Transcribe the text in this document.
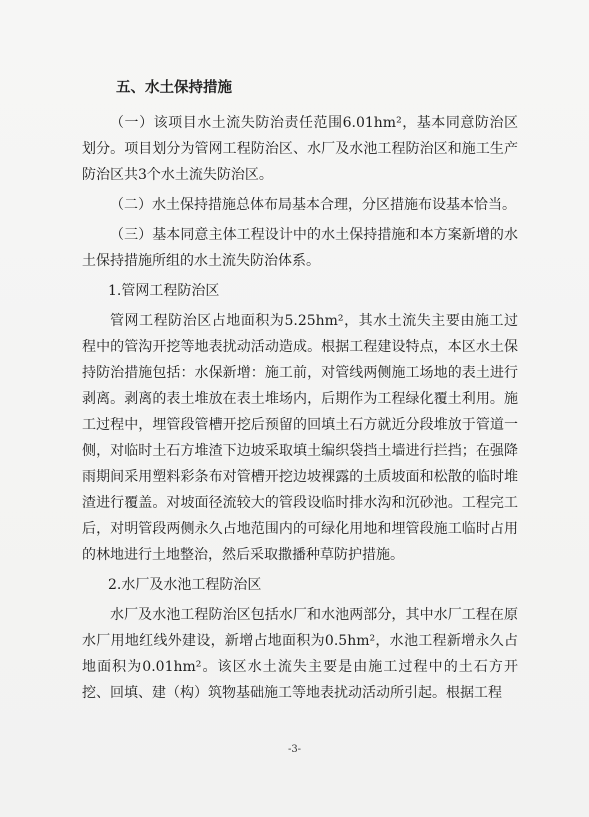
五、水土保持措施

（一）该项目水土流失防治责任范围6.01hm²，基本同意防治区划分。项目划分为管网工程防治区、水厂及水池工程防治区和施工生产防治区共3个水土流失防治区。

（二）水土保持措施总体布局基本合理，分区措施布设基本恰当。

（三）基本同意主体工程设计中的水土保持措施和本方案新增的水土保持措施所组的水土流失防治体系。

1.管网工程防治区

管网工程防治区占地面积为5.25hm²，其水土流失主要由施工过程中的管沟开挖等地表扰动活动造成。根据工程建设特点，本区水土保持防治措施包括：水保新增：施工前，对管线两侧施工场地的表土进行剥离。剥离的表土堆放在表土堆场内，后期作为工程绿化覆土利用。施工过程中，埋管段管槽开挖后预留的回填土石方就近分段堆放于管道一侧，对临时土石方堆渣下边坡采取填土编织袋挡土墙进行拦挡；在强降雨期间采用塑料彩条布对管槽开挖边坡裸露的土质坡面和松散的临时堆渣进行覆盖。对坡面径流较大的管段设临时排水沟和沉砂池。工程完工后，对明管段两侧永久占地范围内的可绿化用地和埋管段施工临时占用的林地进行土地整治，然后采取撒播种草防护措施。

2.水厂及水池工程防治区

水厂及水池工程防治区包括水厂和水池两部分，其中水厂工程在原水厂用地红线外建设，新增占地面积为0.5hm²，水池工程新增永久占地面积为0.01hm²。该区水土流失主要是由施工过程中的土石方开挖、回填、建（构）筑物基础施工等地表扰动活动所引起。根据工程

-3-
